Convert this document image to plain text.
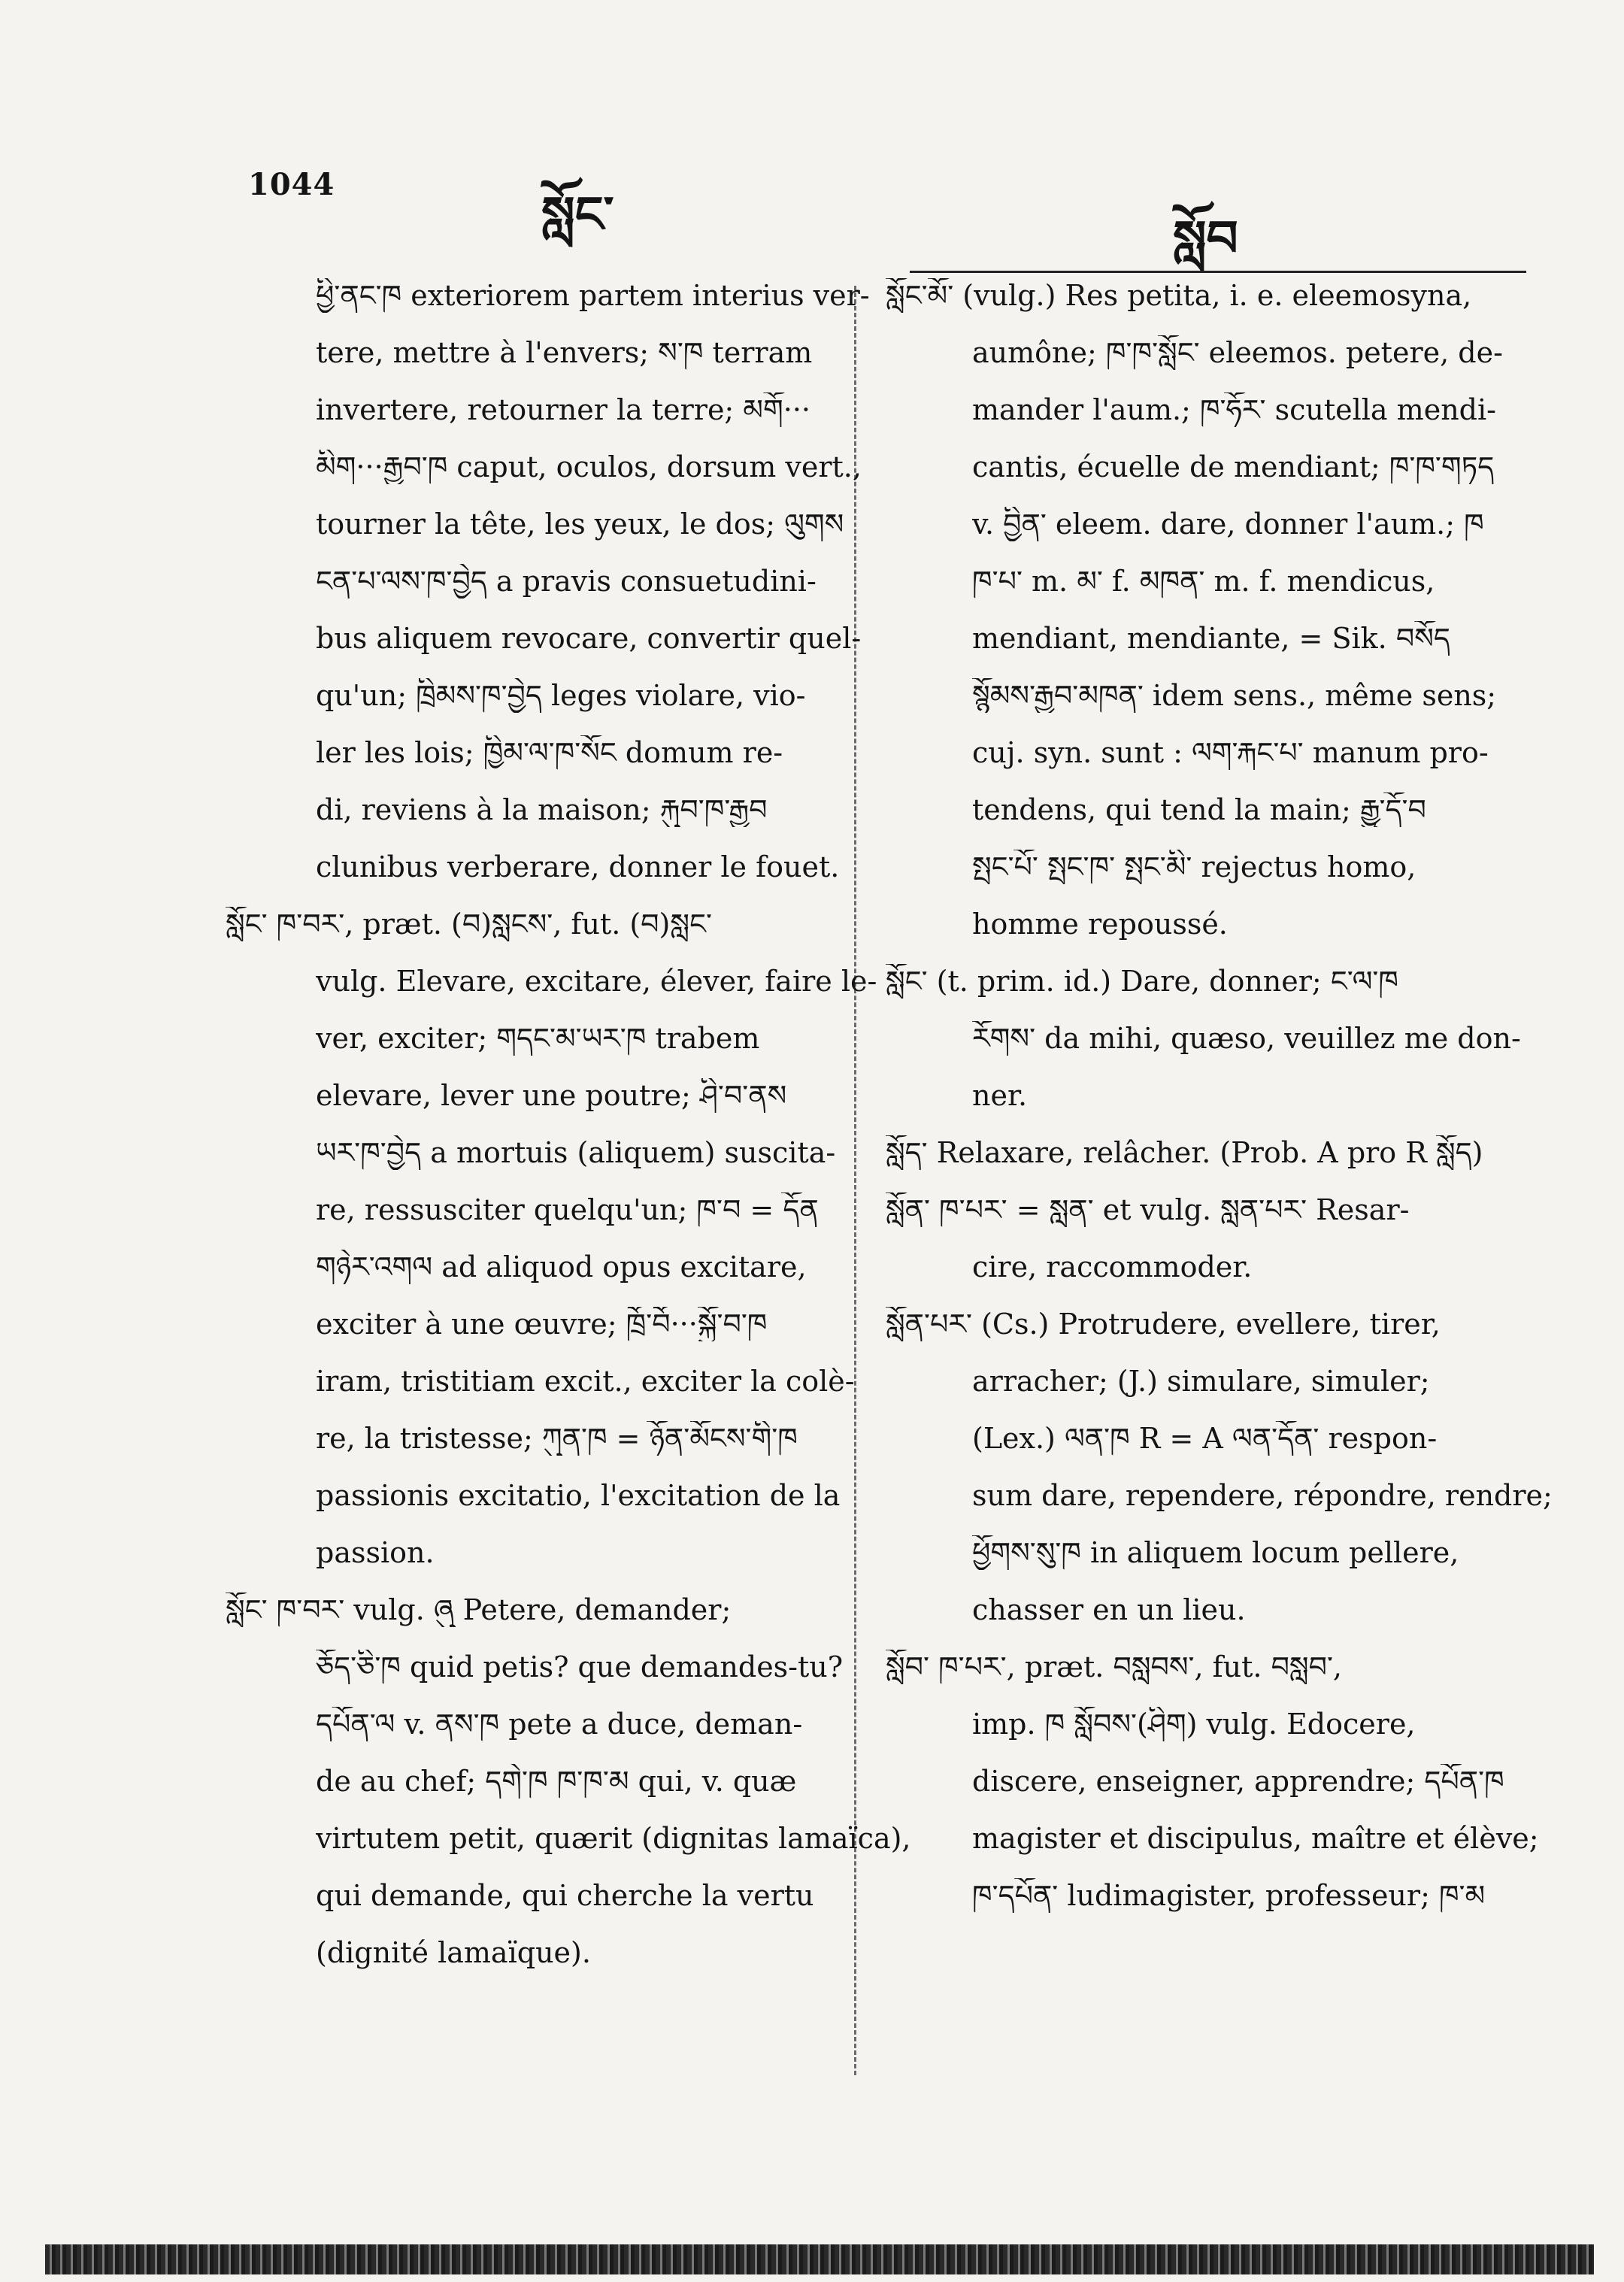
1044
སློང་	སློབ
ཕྱི་ནང་ཁ exteriorem partem interius ver-
tere, mettre à l'envers; ས་ཁ terram
invertere, retourner la terre; མགོ···
མིག···རྒྱབ་ཁ caput, oculos, dorsum vert.,
tourner la tête, les yeux, le dos; ལུགས
ངན་པ་ལས་ཁ་བྱེད a pravis consuetudini-
bus aliquem revocare, convertir quel-
qu'un; ཁྲིམས་ཁ་བྱེད leges violare, vio-
ler les lois; ཁྱིམ་ལ་ཁ་སོང domum re-
di, reviens à la maison; རྐུབ་ཁ་རྒྱབ
clunibus verberare, donner le fouet.
སློང་ ཁ་བར་, præt. (བ)སླངས་, fut. (བ)སླང་
vulg. Elevare, excitare, élever, faire le-
ver, exciter; གདང་མ་ཡར་ཁ trabem
elevare, lever une poutre; ཤི་བ་ནས
ཡར་ཁ་བྱེད a mortuis (aliquem) suscita-
re, ressusciter quelqu'un; ཁ་བ = དོན
གཉེར་འགལ ad aliquod opus excitare,
exciter à une œuvre; ཁྲོ་བོ···སྐྱོ་བ་ཁ
iram, tristitiam excit., exciter la colè-
re, la tristesse; ཀུན་ཁ = ཉོན་མོངས་གི་ཁ
passionis excitatio, l'excitation de la
passion.
སློང་ ཁ་བར་ vulg. ཞུ Petere, demander;
ཅོད་ཅི་ཁ quid petis? que demandes-tu?
དཔོན་ལ v. ནས་ཁ pete a duce, deman-
de au chef; དགེ་ཁ ཁ་ཁ་མ qui, v. quæ
virtutem petit, quærit (dignitas lamaïca),
qui demande, qui cherche la vertu
(dignité lamaïque).
སློང་མོ་ (vulg.) Res petita, i. e. eleemosyna,
aumône; ཁ་ཁ་སློང་ eleemos. petere, de-
mander l'aum.; ཁ་ཧོར་ scutella mendi-
cantis, écuelle de mendiant; ཁ་ཁ་གཏད
v. བྱིན་ eleem. dare, donner l'aum.; ཁ
ཁ་པ་ m. མ་ f. མཁན་ m. f. mendicus,
mendiant, mendiante, = Sik. བསོད
སྙོམས་རྒྱབ་མཁན་ idem sens., même sens;
cuj. syn. sunt : ལག་རྐང་པ་ manum pro-
tendens, qui tend la main; རྒྱུ་དོ་བ
སྤང་པོ་ སྤང་ཁ་ སྤང་མི་ rejectus homo,
homme repoussé.
སློང་ (t. prim. id.) Dare, donner; ང་ལ་ཁ
རོགས་ da mihi, quæso, veuillez me don-
ner.
སློད་ Relaxare, relâcher. (Prob. A pro R སློད)
སློན་ ཁ་པར་ = སླན་ et vulg. སླན་པར་ Resar-
cire, raccommoder.
སློན་པར་ (Cs.) Protrudere, evellere, tirer,
arracher; (J.) simulare, simuler;
(Lex.) ལན་ཁ R = A ལན་དོན་ respon-
sum dare, rependere, répondre, rendre;
ཕྱོགས་སུ་ཁ in aliquem locum pellere,
chasser en un lieu.
སློབ་ ཁ་པར་, præt. བསླབས་, fut. བསླབ་,
imp. ཁ སློབས་(ཤིག) vulg. Edocere,
discere, enseigner, apprendre; དཔོན་ཁ
magister et discipulus, maître et élève;
ཁ་དཔོན་ ludimagister, professeur; ཁ་མ
